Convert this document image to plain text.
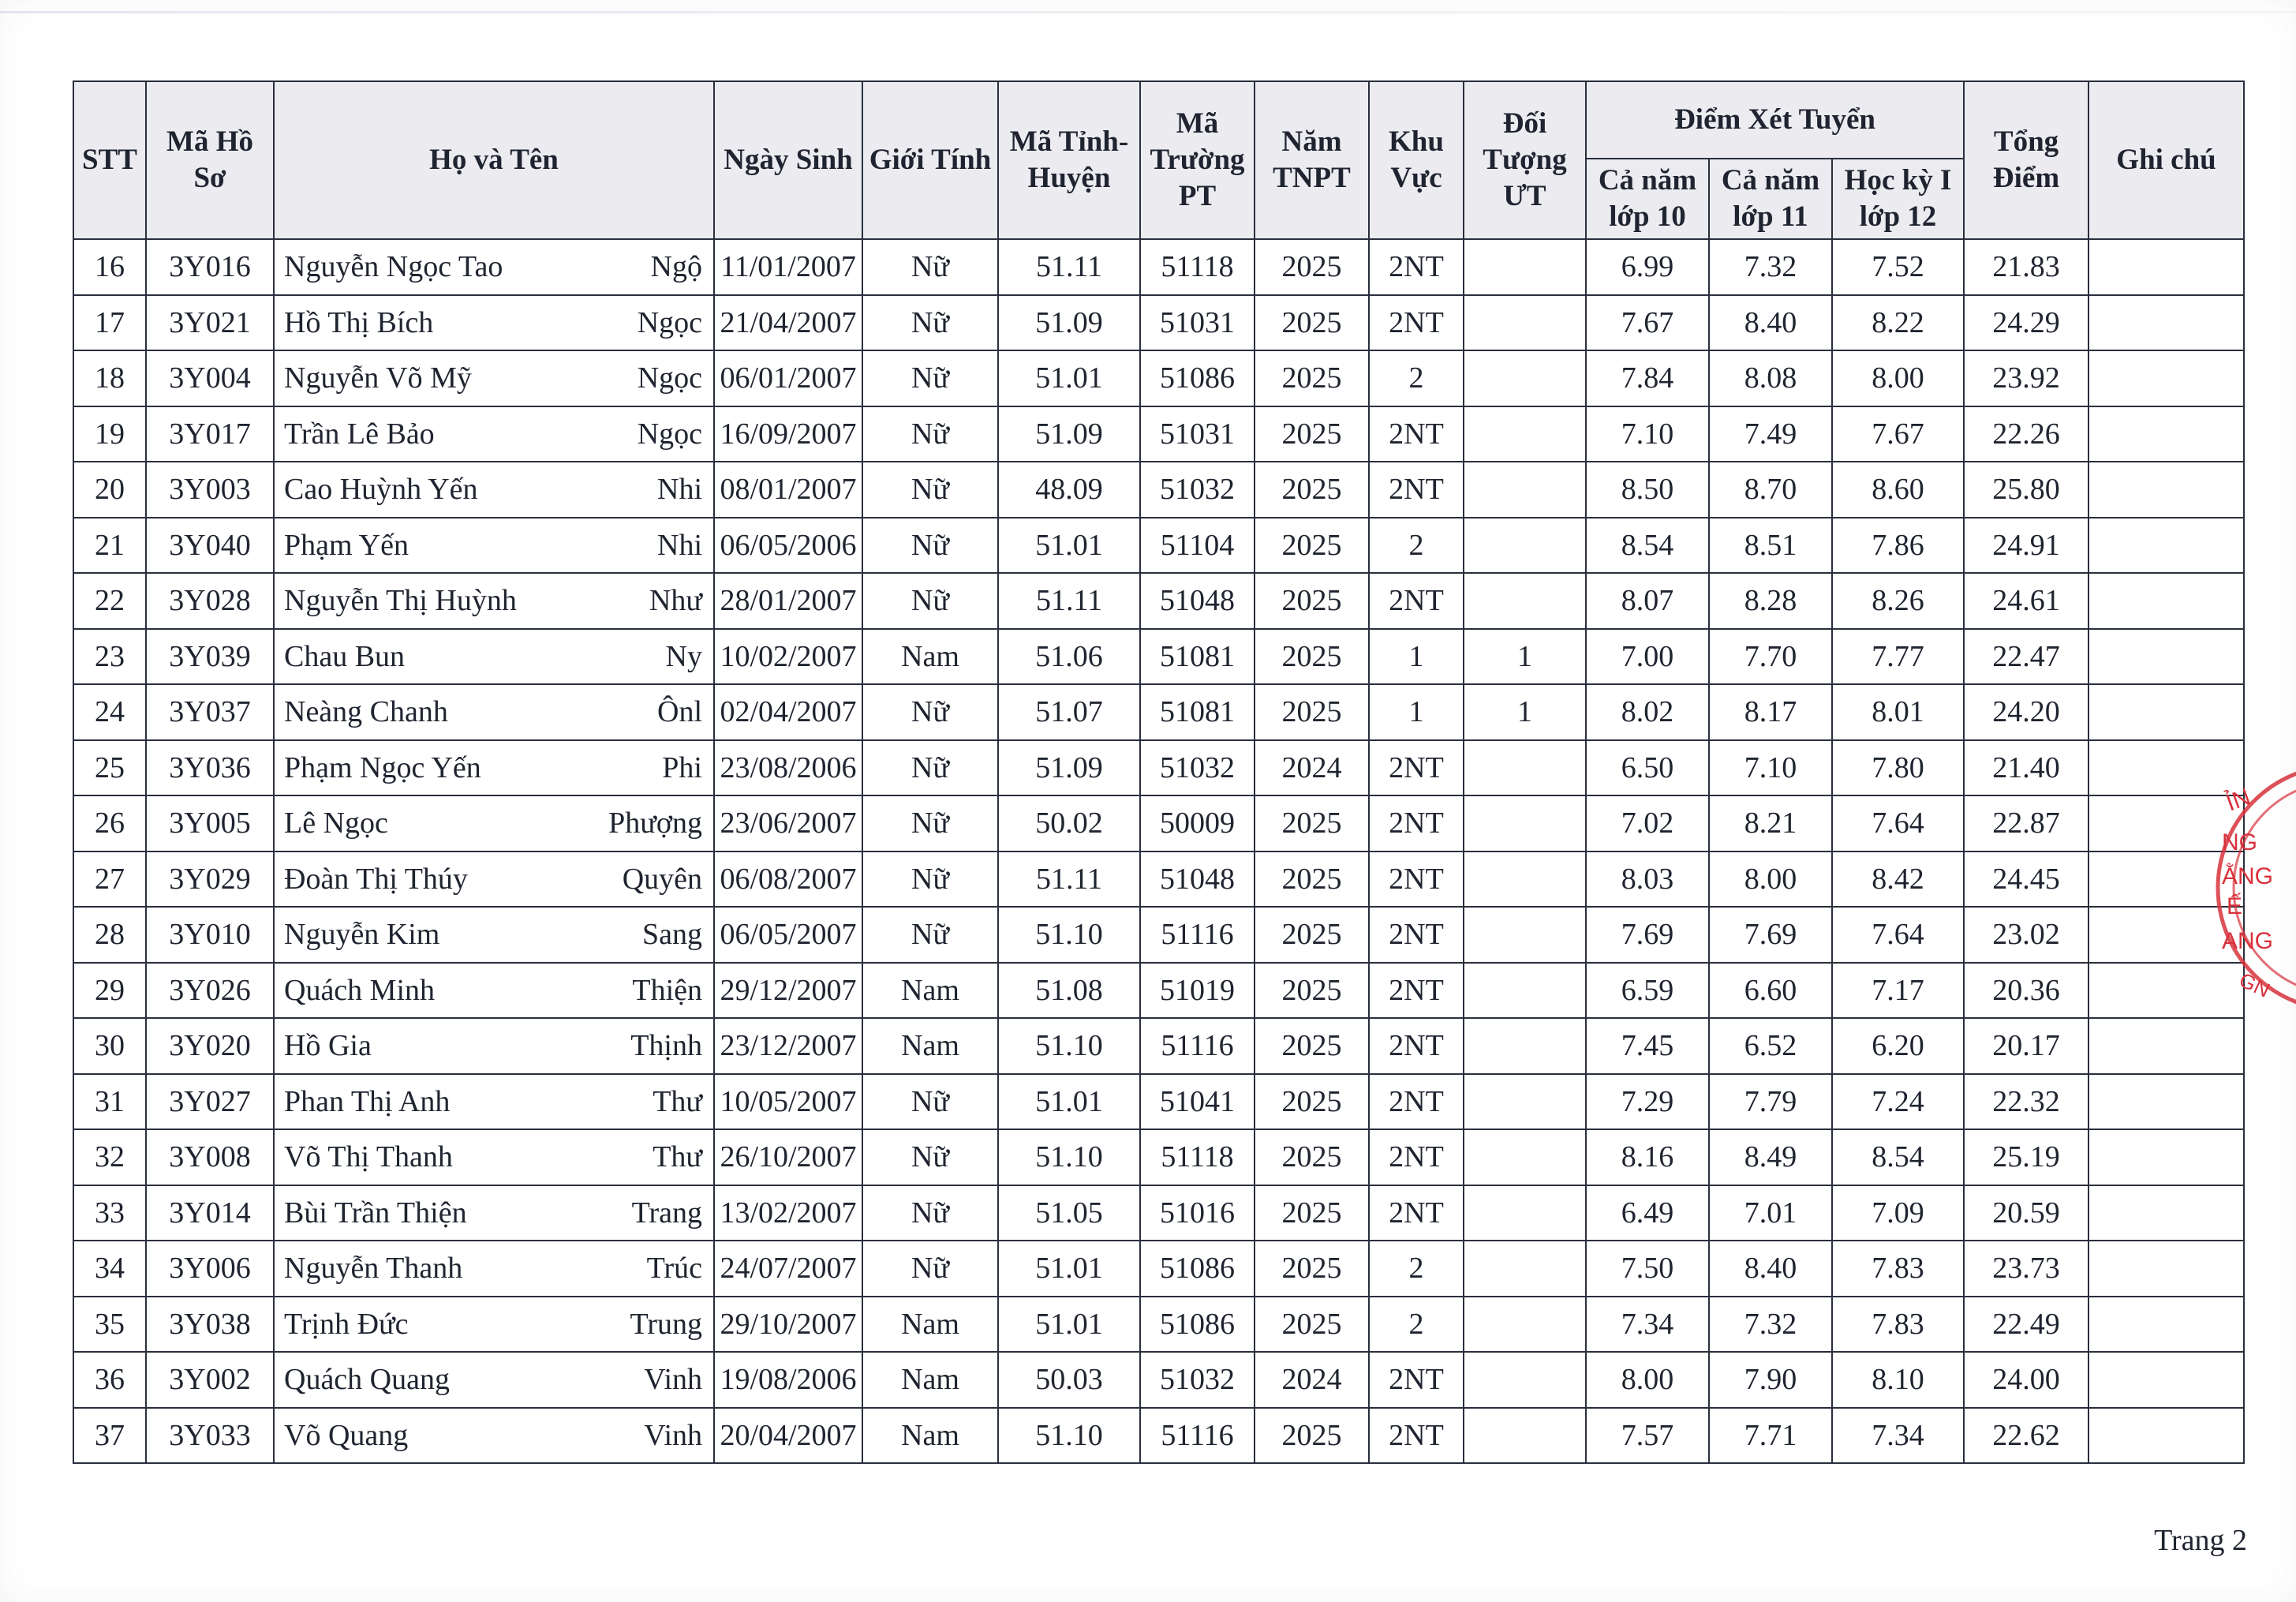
STT	Mã Hồ Sơ	Họ và Tên	Ngày Sinh	Giới Tính	Mã Tỉnh-Huyện	Mã Trường PT	Năm TNPT	Khu Vực	Đối Tượng ƯT	Điểm Xét Tuyển			Tổng Điểm	Ghi chú
										Cả năm lớp 10	Cả năm lớp 11	Học kỳ I lớp 12		
16	3Y016	Nguyễn Ngọc Tao Ngộ	11/01/2007	Nữ	51.11	51118	2025	2NT		6.99	7.32	7.52	21.83	
17	3Y021	Hồ Thị Bích Ngọc	21/04/2007	Nữ	51.09	51031	2025	2NT		7.67	8.40	8.22	24.29	
18	3Y004	Nguyễn Võ Mỹ Ngọc	06/01/2007	Nữ	51.01	51086	2025	2		7.84	8.08	8.00	23.92	
19	3Y017	Trần Lê Bảo Ngọc	16/09/2007	Nữ	51.09	51031	2025	2NT		7.10	7.49	7.67	22.26	
20	3Y003	Cao Huỳnh Yến Nhi	08/01/2007	Nữ	48.09	51032	2025	2NT		8.50	8.70	8.60	25.80	
21	3Y040	Phạm Yến Nhi	06/05/2006	Nữ	51.01	51104	2025	2		8.54	8.51	7.86	24.91	
22	3Y028	Nguyễn Thị Huỳnh Như	28/01/2007	Nữ	51.11	51048	2025	2NT		8.07	8.28	8.26	24.61	
23	3Y039	Chau Bun Ny	10/02/2007	Nam	51.06	51081	2025	1	1	7.00	7.70	7.77	22.47	
24	3Y037	Neàng Chanh Ônl	02/04/2007	Nữ	51.07	51081	2025	1	1	8.02	8.17	8.01	24.20	
25	3Y036	Phạm Ngọc Yến Phi	23/08/2006	Nữ	51.09	51032	2024	2NT		6.50	7.10	7.80	21.40	
26	3Y005	Lê Ngọc Phượng	23/06/2007	Nữ	50.02	50009	2025	2NT		7.02	8.21	7.64	22.87	
27	3Y029	Đoàn Thị Thúy Quyên	06/08/2007	Nữ	51.11	51048	2025	2NT		8.03	8.00	8.42	24.45	
28	3Y010	Nguyễn Kim Sang	06/05/2007	Nữ	51.10	51116	2025	2NT		7.69	7.69	7.64	23.02	
29	3Y026	Quách Minh Thiện	29/12/2007	Nam	51.08	51019	2025	2NT		6.59	6.60	7.17	20.36	
30	3Y020	Hồ Gia Thịnh	23/12/2007	Nam	51.10	51116	2025	2NT		7.45	6.52	6.20	20.17	
31	3Y027	Phan Thị Anh Thư	10/05/2007	Nữ	51.01	51041	2025	2NT		7.29	7.79	7.24	22.32	
32	3Y008	Võ Thị Thanh Thư	26/10/2007	Nữ	51.10	51118	2025	2NT		8.16	8.49	8.54	25.19	
33	3Y014	Bùi Trần Thiện Trang	13/02/2007	Nữ	51.05	51016	2025	2NT		6.49	7.01	7.09	20.59	
34	3Y006	Nguyễn Thanh Trúc	24/07/2007	Nữ	51.01	51086	2025	2		7.50	8.40	7.83	23.73	
35	3Y038	Trịnh Đức Trung	29/10/2007	Nam	51.01	51086	2025	2		7.34	7.32	7.83	22.49	
36	3Y002	Quách Quang Vinh	19/08/2006	Nam	50.03	51032	2024	2NT		8.00	7.90	8.10	24.00	
37	3Y033	Võ Quang Vinh	20/04/2007	Nam	51.10	51116	2025	2NT		7.57	7.71	7.34	22.62	
ỈN
NG
ẰNG
Ế
ANG
GN
Trang 2
